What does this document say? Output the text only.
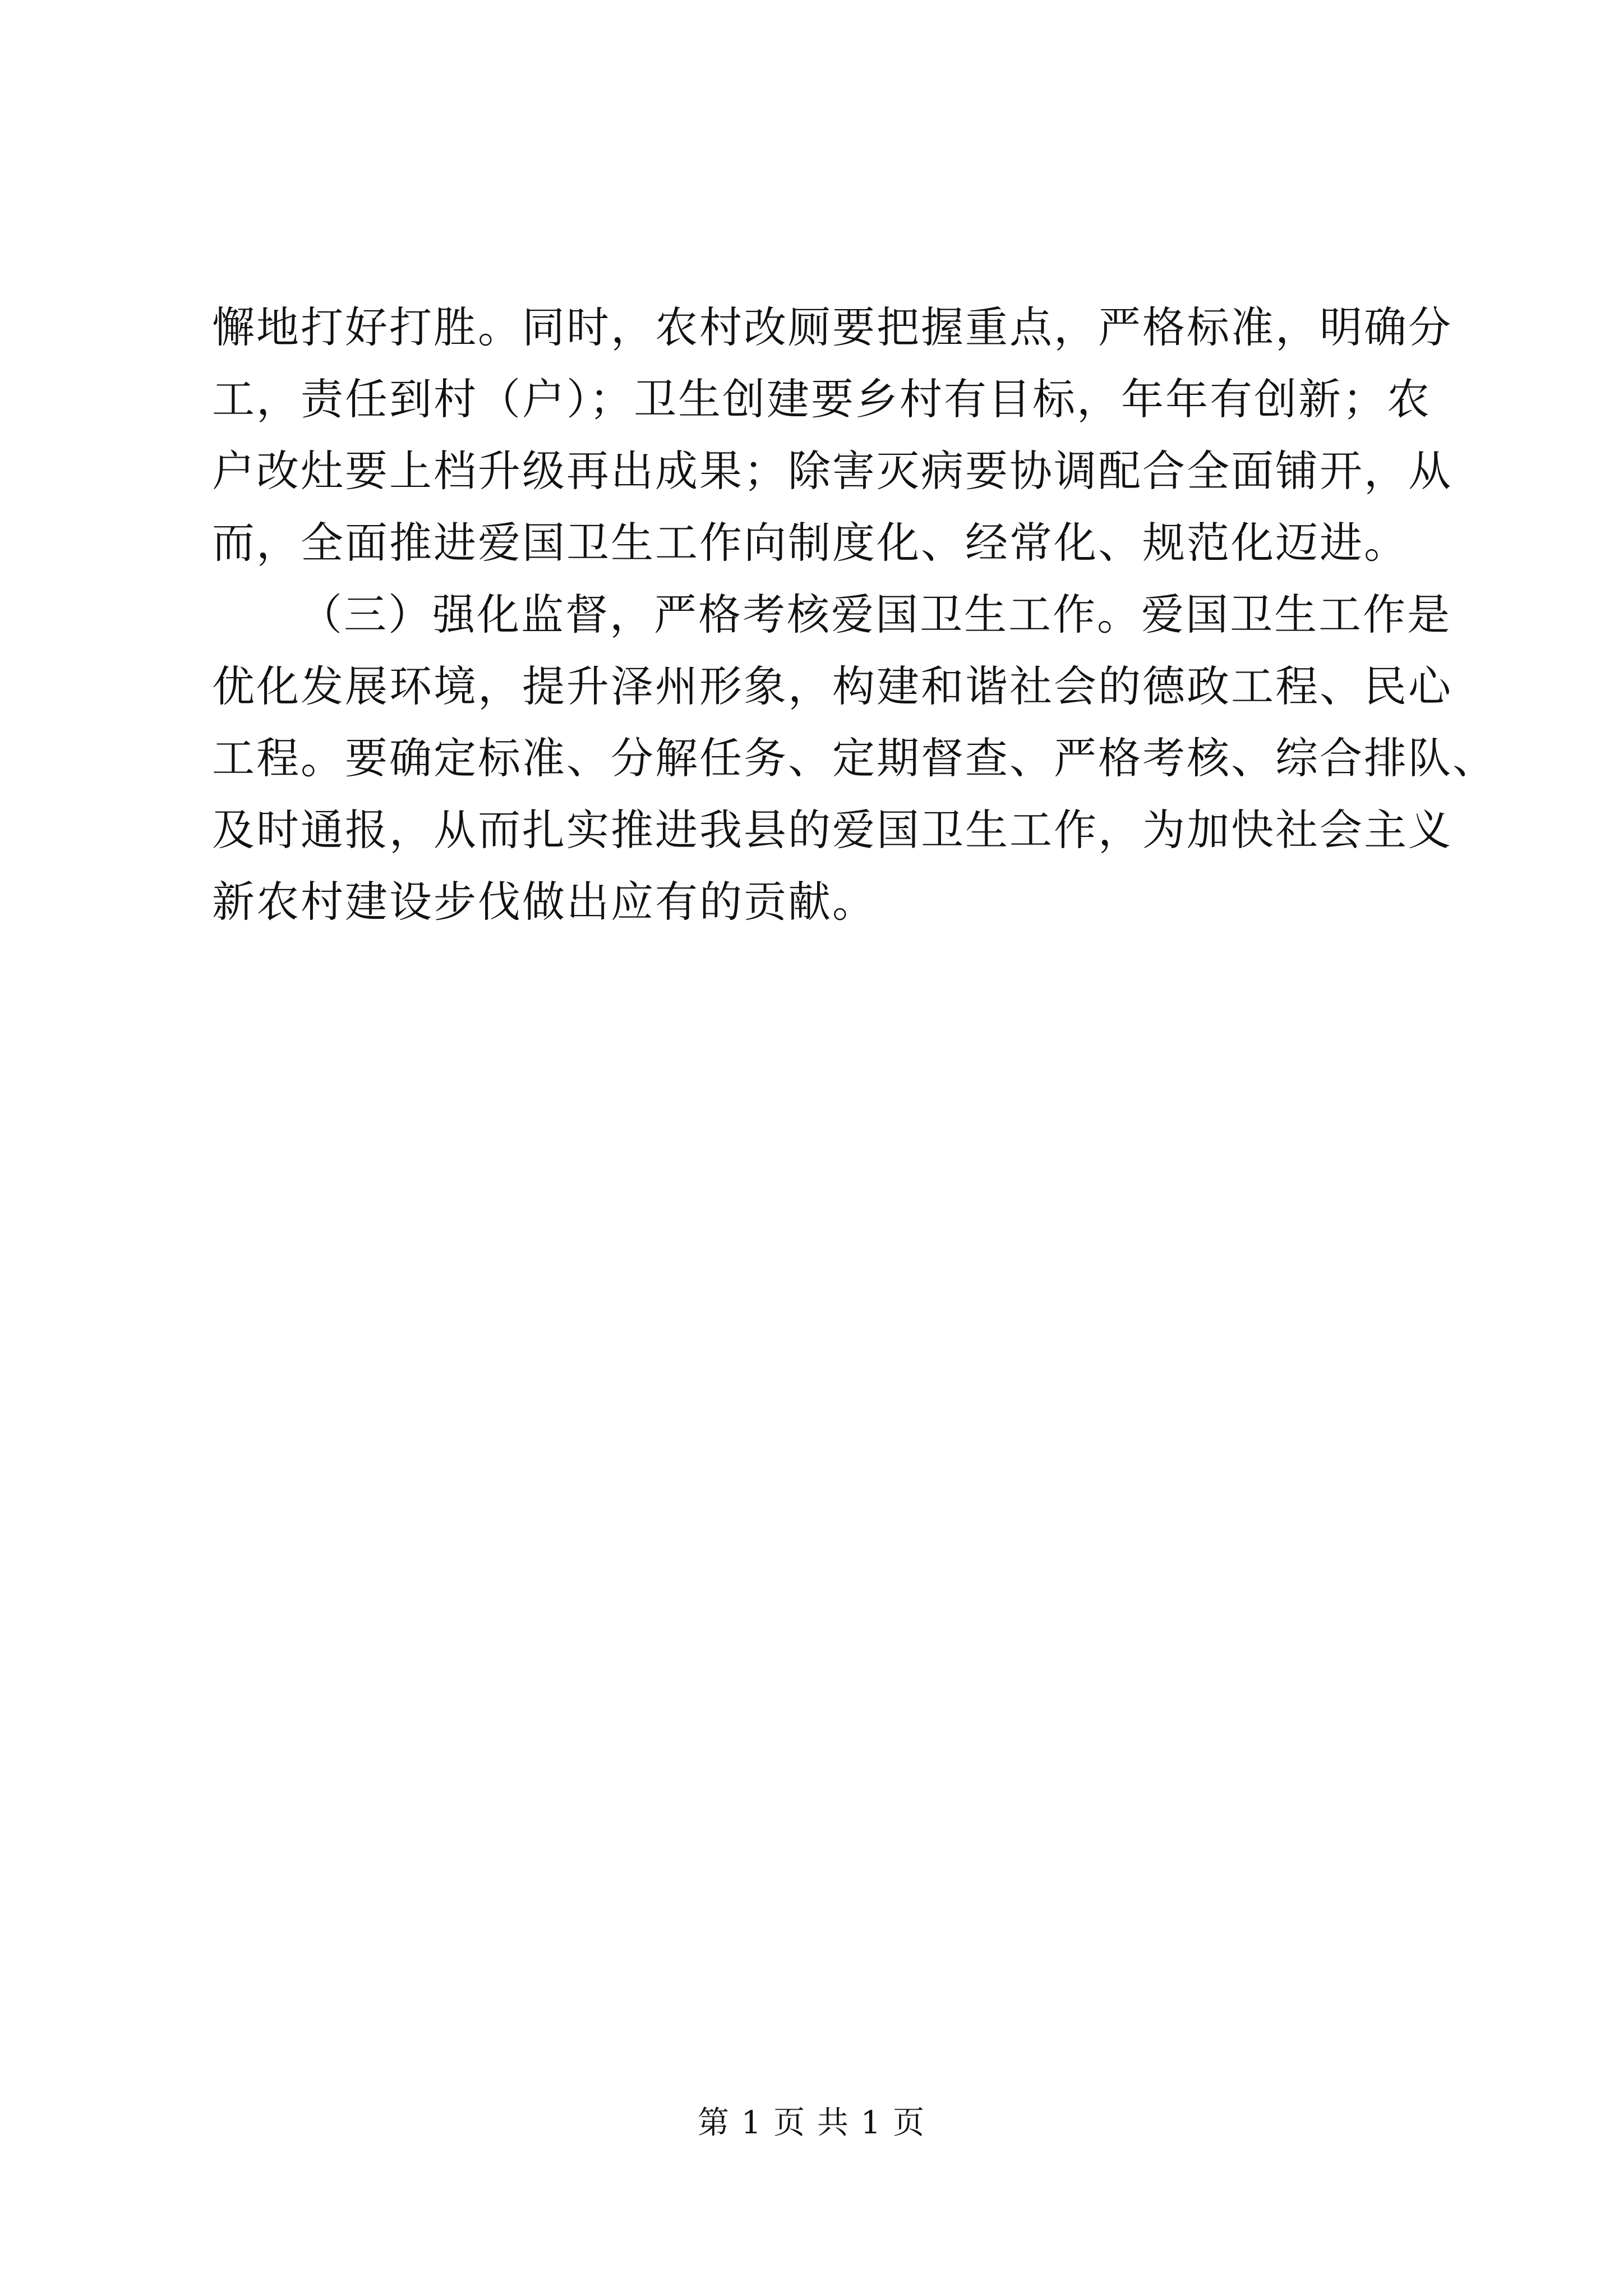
懈地打好打胜。同时，农村改厕要把握重点，严格标准，明确分
工，责任到村（户）；卫生创建要乡村有目标，年年有创新；农
户改灶要上档升级再出成果；除害灭病要协调配合全面铺开，从
而，全面推进爱国卫生工作向制度化、经常化、规范化迈进。
（三）强化监督，严格考核爱国卫生工作。爱国卫生工作是
优化发展环境，提升泽州形象，构建和谐社会的德政工程、民心
工程。要确定标准、分解任务、定期督查、严格考核、综合排队、
及时通报，从而扎实推进我县的爱国卫生工作，为加快社会主义
新农村建设步伐做出应有的贡献。
第 1 页 共 1 页
